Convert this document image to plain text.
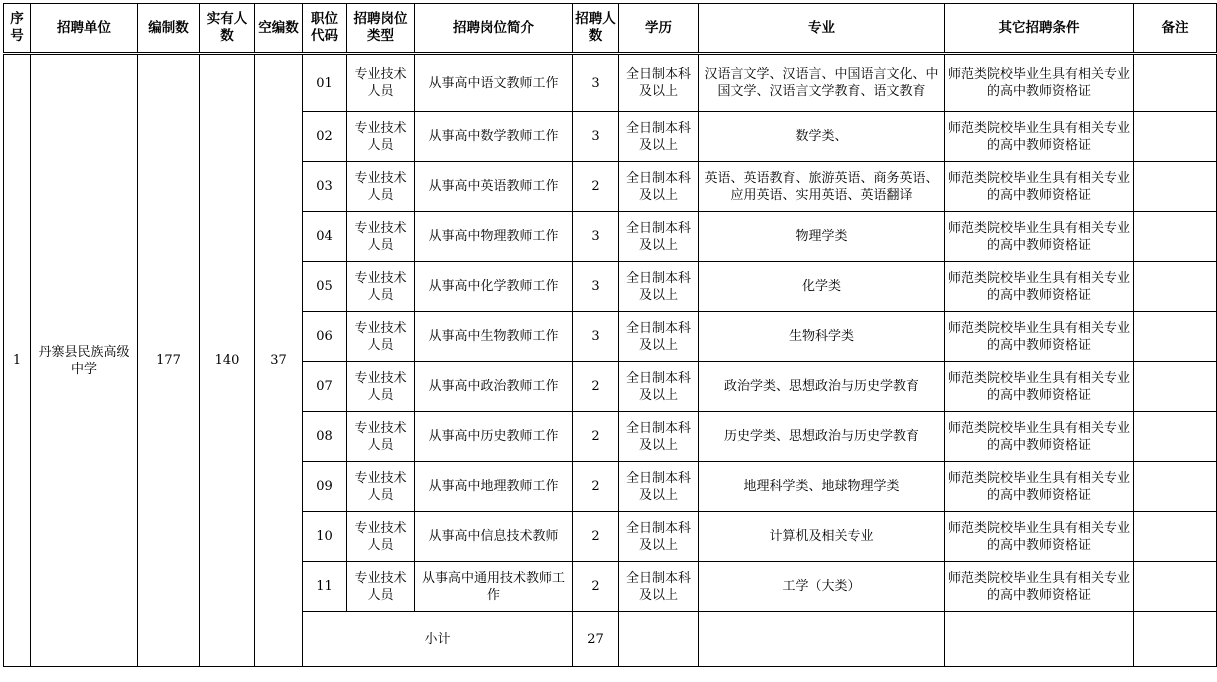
序号	招聘单位	编制数	实有人数	空编数	职位代码	招聘岗位类型	招聘岗位简介	招聘人数	学历	专业	其它招聘条件	备注

1	丹寨县民族高级中学	177	140	37	01	专业技术人员	从事高中语文教师工作	3	全日制本科及以上	汉语言文学、汉语言、中国语言文化、中国文学、汉语言文学教育、语文教育	师范类院校毕业生具有相关专业的高中教师资格证	
					02	专业技术人员	从事高中数学教师工作	3	全日制本科及以上	数学类、	师范类院校毕业生具有相关专业的高中教师资格证	
					03	专业技术人员	从事高中英语教师工作	2	全日制本科及以上	英语、英语教育、旅游英语、商务英语、应用英语、实用英语、英语翻译	师范类院校毕业生具有相关专业的高中教师资格证	
					04	专业技术人员	从事高中物理教师工作	3	全日制本科及以上	物理学类	师范类院校毕业生具有相关专业的高中教师资格证	
					05	专业技术人员	从事高中化学教师工作	3	全日制本科及以上	化学类	师范类院校毕业生具有相关专业的高中教师资格证	
					06	专业技术人员	从事高中生物教师工作	3	全日制本科及以上	生物科学类	师范类院校毕业生具有相关专业的高中教师资格证	
					07	专业技术人员	从事高中政治教师工作	2	全日制本科及以上	政治学类、思想政治与历史学教育	师范类院校毕业生具有相关专业的高中教师资格证	
					08	专业技术人员	从事高中历史教师工作	2	全日制本科及以上	历史学类、思想政治与历史学教育	师范类院校毕业生具有相关专业的高中教师资格证	
					09	专业技术人员	从事高中地理教师工作	2	全日制本科及以上	地理科学类、地球物理学类	师范类院校毕业生具有相关专业的高中教师资格证	
					10	专业技术人员	从事高中信息技术教师	2	全日制本科及以上	计算机及相关专业	师范类院校毕业生具有相关专业的高中教师资格证	
					11	专业技术人员	从事高中通用技术教师工作	2	全日制本科及以上	工学（大类）	师范类院校毕业生具有相关专业的高中教师资格证	
					小计			27				
